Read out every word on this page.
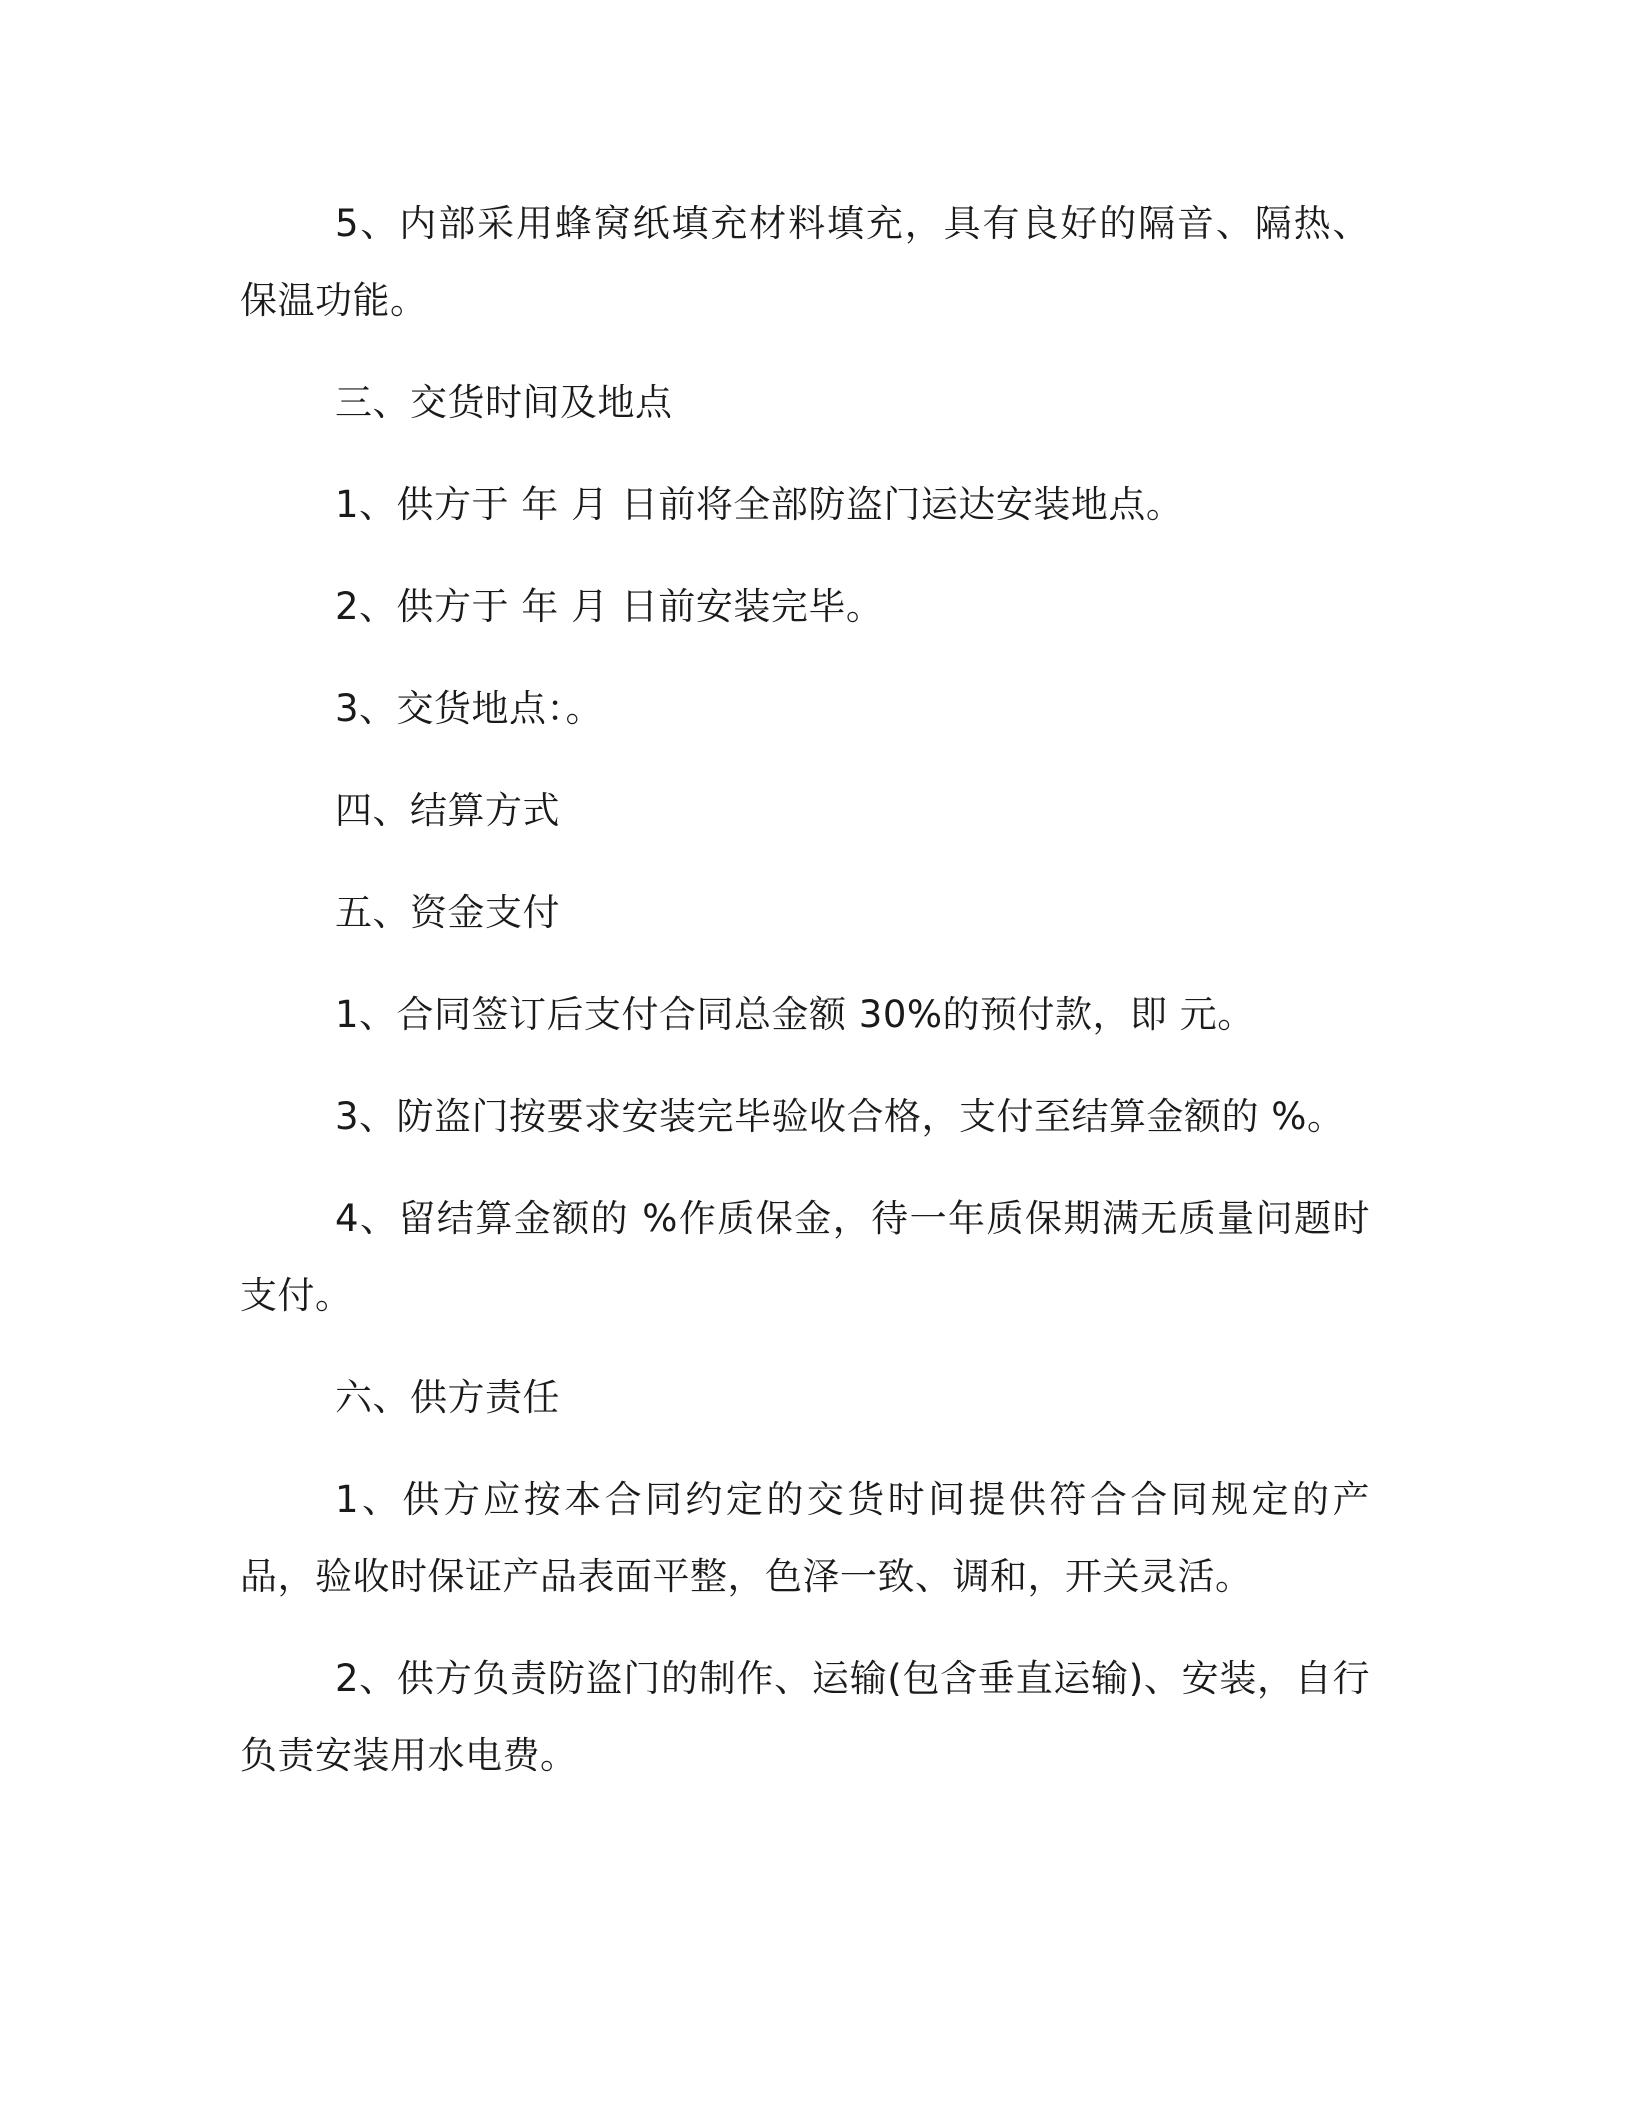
5、内部采用蜂窝纸填充材料填充，具有良好的隔音、隔热、保温功能。

三、交货时间及地点

1、供方于 年 月 日前将全部防盗门运达安装地点。

2、供方于 年 月 日前安装完毕。

3、交货地点：。

四、结算方式

五、资金支付

1、合同签订后支付合同总金额 30%的预付款，即 元。

3、防盗门按要求安装完毕验收合格，支付至结算金额的 %。

4、留结算金额的 %作质保金，待一年质保期满无质量问题时支付。

六、供方责任

1、供方应按本合同约定的交货时间提供符合合同规定的产品，验收时保证产品表面平整，色泽一致、调和，开关灵活。

2、供方负责防盗门的制作、运输(包含垂直运输)、安装，自行负责安装用水电费。
